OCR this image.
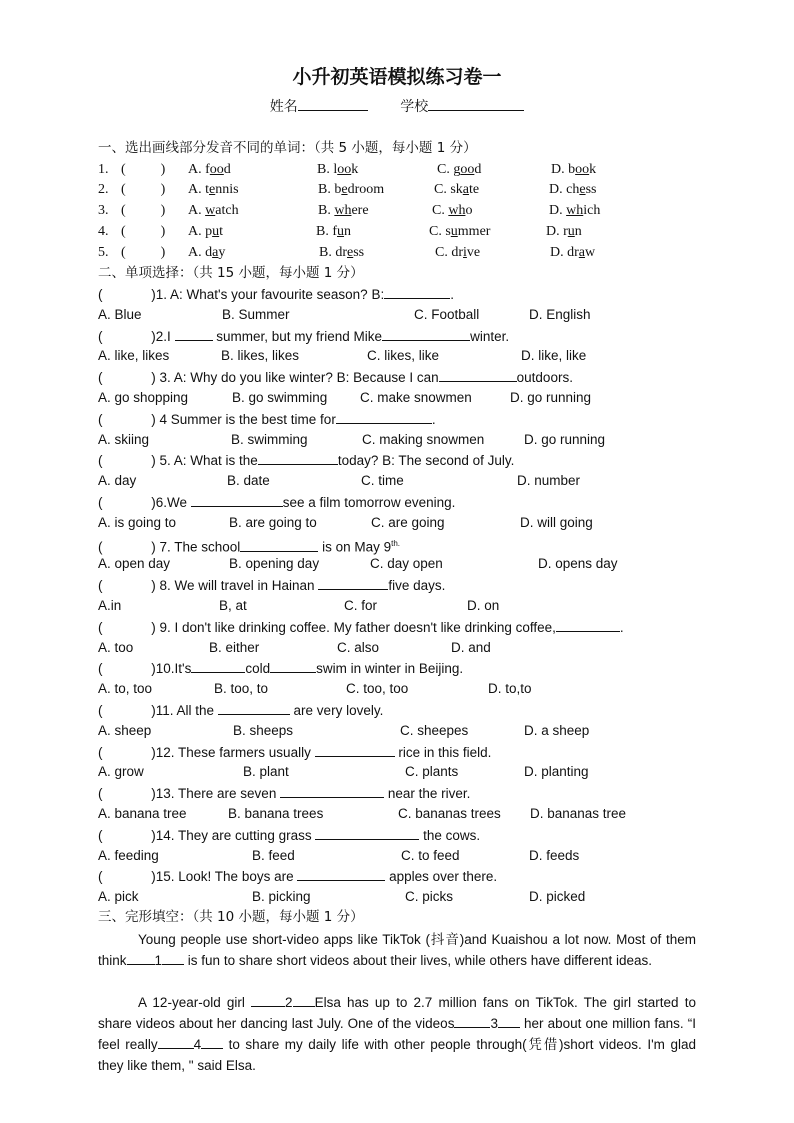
小升初英语模拟练习卷一
姓名	学校
一、选出画线部分发音不同的单词：（共 5 小题，每小题 1 分）
1. (          ) A. food	B. look	C. good	D. book
2. (          ) A. tennis	B. bedroom	C. skate	D. chess
3. (          ) A. watch	B. where	C. who	D. which
4. (          ) A. put	B. fun	C. summer	D. run
5. (          ) A. day	B. dress	C. drive	D. draw
二、单项选择：（共 15 小题，每小题 1 分）
(             )1. A: What's your favourite season? B:	.
A. Blue	B. Summer	C. Football	D. English
(             )2.I	summer, but my friend Mike	winter.
A. like, likes	B. likes, likes	C. likes, like	D. like, like
(             ) 3. A: Why do you like winter? B: Because I can	outdoors.
A. go shopping	B. go swimming C. make snowmen	D. go running
(             ) 4 Summer is the best time for	.
A. skiing	B. swimming	C. making snowmen	D. go running
(             ) 5. A: What is the	today? B: The second of July.
A. day	B. date	C. time	D. number
(             )6.We	see a film tomorrow evening.
A. is going to	B. are going to	C. are going	D. will going
(             ) 7. The school	is on May $9^{th.}$
A. open day	B. opening day	C. day open	D. opens day
(             ) 8. We will travel in Hainan	five days.
A.in	B, at	C. for	D. on
(             ) 9. I don't like drinking coffee. My father doesn't like drinking coffee,	.
A. too	B. either	C. also	D. and
(             )10.It's	cold	swim in winter in Beijing.
A. to, too	B. too, to	C. too, too	D. to,to
(             )11. All the	are very lovely.
A. sheep	B. sheeps	C. sheepes	D. a sheep
(             )12. These farmers usually	rice in this field.
A. grow	B. plant	C. plants	D. planting
(             )13. There are seven	near the river.
A. banana tree	B. banana trees	C. bananas trees D. bananas tree
(             )14. They are cutting grass	the cows.
A. feeding	B. feed	C. to feed	D. feeds
(             )15. Look! The boys are	apples over there.
A. pick	B. picking	C. picks	D. picked
三、完形填空：（共 10 小题，每小题 1 分）
Young people use short-video apps like TikTok (抖音)and Kuaishou a lot now. Most of them think 1 is fun to share short videos about their lives, while others have different ideas.
A 12-year-old girl	2 Elsa has up to 2.7 million fans on TikTok. The girl started to share videos about her dancing last July. One of the videos	3 her about one million fans. “I feel really	4 to share my daily life with other people through(凭借)short videos. I'm glad they like them, " said Elsa.
